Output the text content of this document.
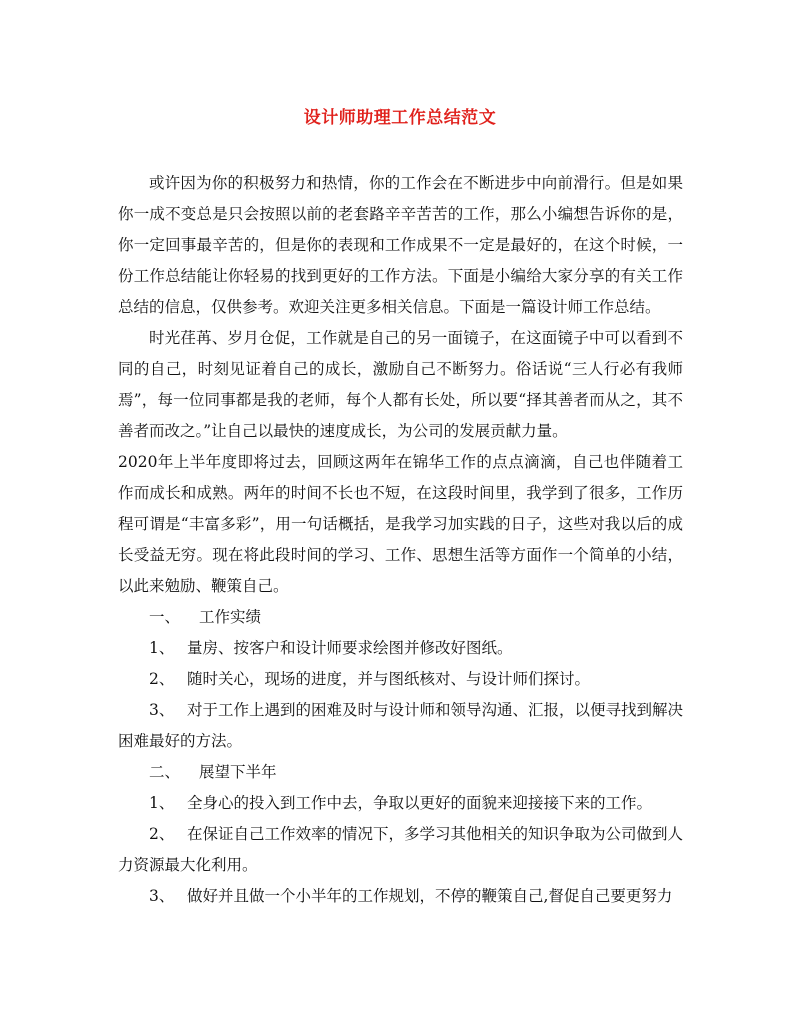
设计师助理工作总结范文

或许因为你的积极努力和热情，你的工作会在不断进步中向前滑行。但是如果你一成不变总是只会按照以前的老套路辛辛苦苦的工作，那么小编想告诉你的是，你一定回事最辛苦的，但是你的表现和工作成果不一定是最好的，在这个时候，一份工作总结能让你轻易的找到更好的工作方法。下面是小编给大家分享的有关工作总结的信息，仅供参考。欢迎关注更多相关信息。下面是一篇设计师工作总结。

时光荏苒、岁月仓促，工作就是自己的另一面镜子，在这面镜子中可以看到不同的自己，时刻见证着自己的成长，激励自己不断努力。俗话说“三人行必有我师焉”，每一位同事都是我的老师，每个人都有长处，所以要“择其善者而从之，其不善者而改之。”让自己以最快的速度成长，为公司的发展贡献力量。

2020年上半年度即将过去，回顾这两年在锦华工作的点点滴滴，自己也伴随着工作而成长和成熟。两年的时间不长也不短，在这段时间里，我学到了很多，工作历程可谓是“丰富多彩”，用一句话概括，是我学习加实践的日子，这些对我以后的成长受益无穷。现在将此段时间的学习、工作、思想生活等方面作一个简单的小结，以此来勉励、鞭策自己。

一、 工作实绩

1、 量房、按客户和设计师要求绘图并修改好图纸。

2、 随时关心，现场的进度，并与图纸核对、与设计师们探讨。

3、 对于工作上遇到的困难及时与设计师和领导沟通、汇报，以便寻找到解决困难最好的方法。

二、 展望下半年

1、 全身心的投入到工作中去，争取以更好的面貌来迎接接下来的工作。

2、 在保证自己工作效率的情况下，多学习其他相关的知识争取为公司做到人力资源最大化利用。

3、 做好并且做一个小半年的工作规划，不停的鞭策自己,督促自己要更努力
